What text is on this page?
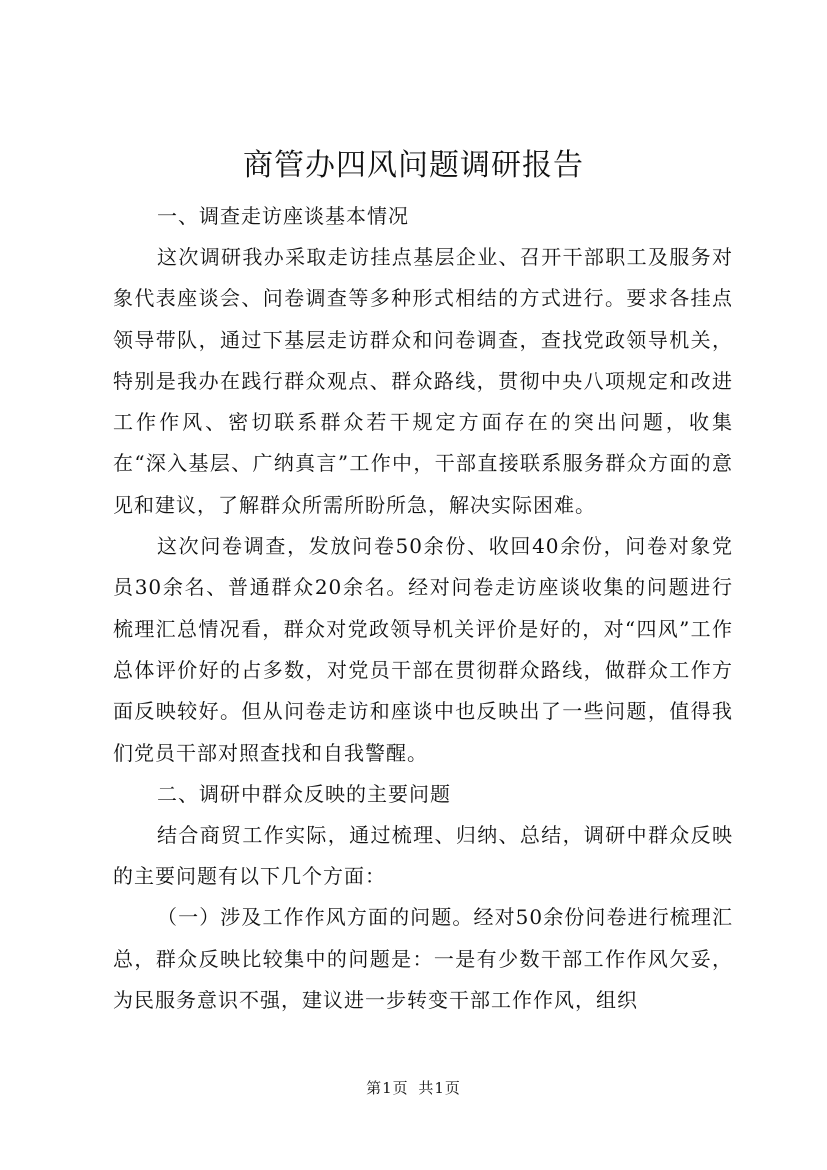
商管办四风问题调研报告

一、调查走访座谈基本情况

这次调研我办采取走访挂点基层企业、召开干部职工及服务对象代表座谈会、问卷调查等多种形式相结的方式进行。要求各挂点领导带队，通过下基层走访群众和问卷调查，查找党政领导机关，特别是我办在践行群众观点、群众路线，贯彻中央八项规定和改进工作作风、密切联系群众若干规定方面存在的突出问题，收集在“深入基层、广纳真言”工作中，干部直接联系服务群众方面的意见和建议，了解群众所需所盼所急，解决实际困难。

这次问卷调查，发放问卷50余份、收回40余份，问卷对象党员30余名、普通群众20余名。经对问卷走访座谈收集的问题进行梳理汇总情况看，群众对党政领导机关评价是好的，对“四风”工作总体评价好的占多数，对党员干部在贯彻群众路线，做群众工作方面反映较好。但从问卷走访和座谈中也反映出了一些问题，值得我们党员干部对照查找和自我警醒。

二、调研中群众反映的主要问题

结合商贸工作实际，通过梳理、归纳、总结，调研中群众反映的主要问题有以下几个方面：

（一）涉及工作作风方面的问题。经对50余份问卷进行梳理汇总，群众反映比较集中的问题是：一是有少数干部工作作风欠妥，为民服务意识不强，建议进一步转变干部工作作风，组织

第1页 共1页
